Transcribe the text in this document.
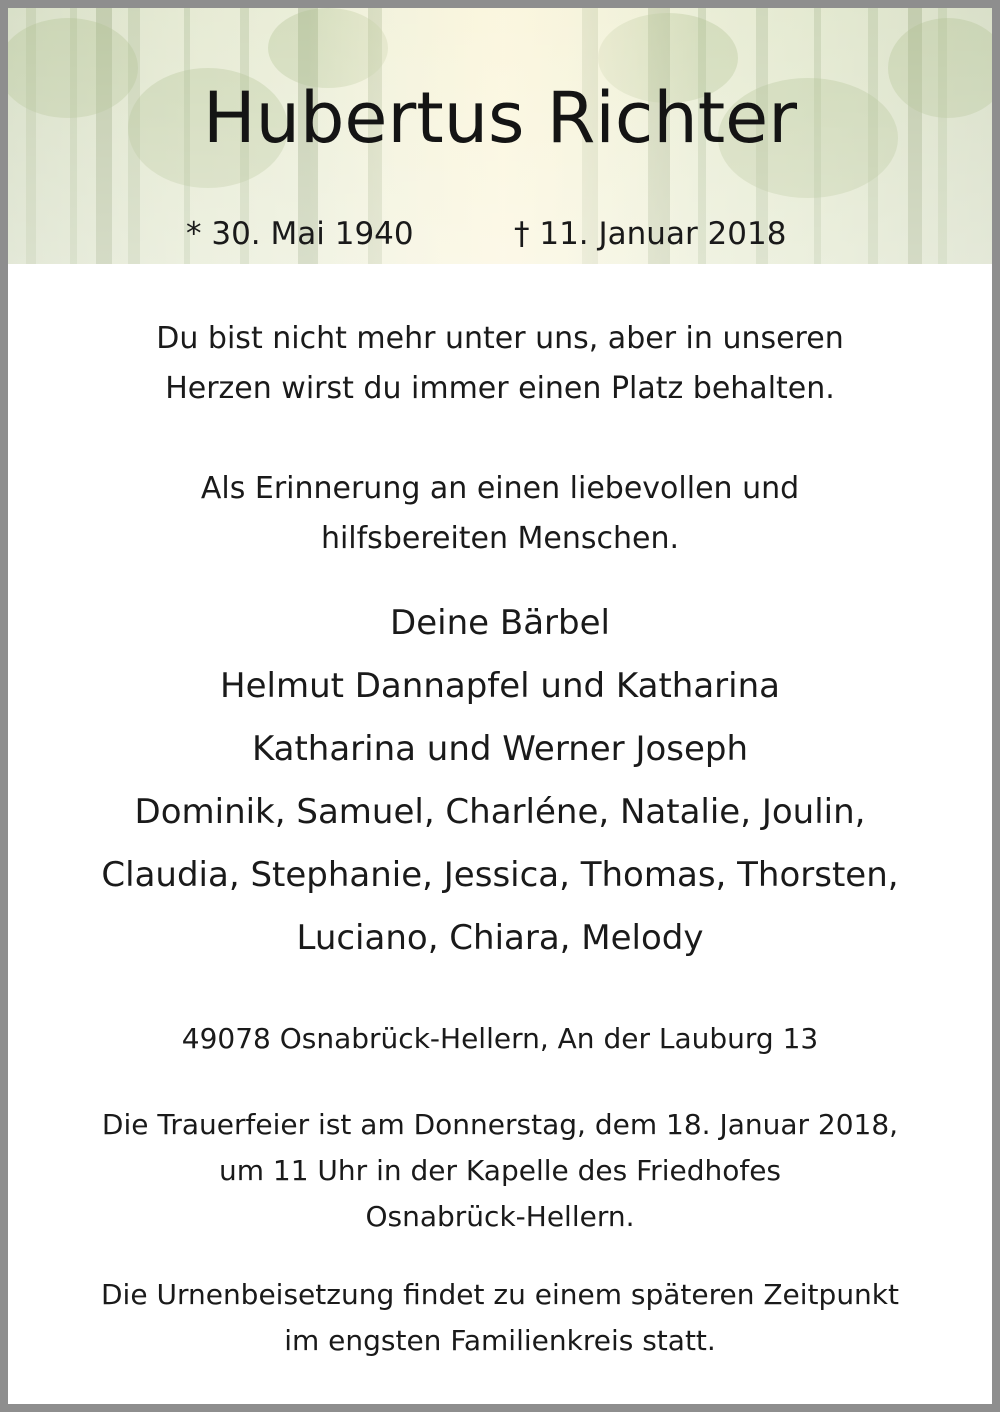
Hubertus Richter
* 30. Mai 1940	† 11. Januar 2018

Du bist nicht mehr unter uns, aber in unseren

Herzen wirst du immer einen Platz behalten.

Als Erinnerung an einen liebevollen und

hilfsbereiten Menschen.

Deine Bärbel

Helmut Dannapfel und Katharina

Katharina und Werner Joseph

Dominik, Samuel, Charléne, Natalie, Joulin,

Claudia, Stephanie, Jessica, Thomas, Thorsten,

Luciano, Chiara, Melody

49078 Osnabrück-Hellern, An der Lauburg 13

Die Trauerfeier ist am Donnerstag, dem 18. Januar 2018,

um 11 Uhr in der Kapelle des Friedhofes

Osnabrück-Hellern.

Die Urnenbeisetzung findet zu einem späteren Zeitpunkt

im engsten Familienkreis statt.
